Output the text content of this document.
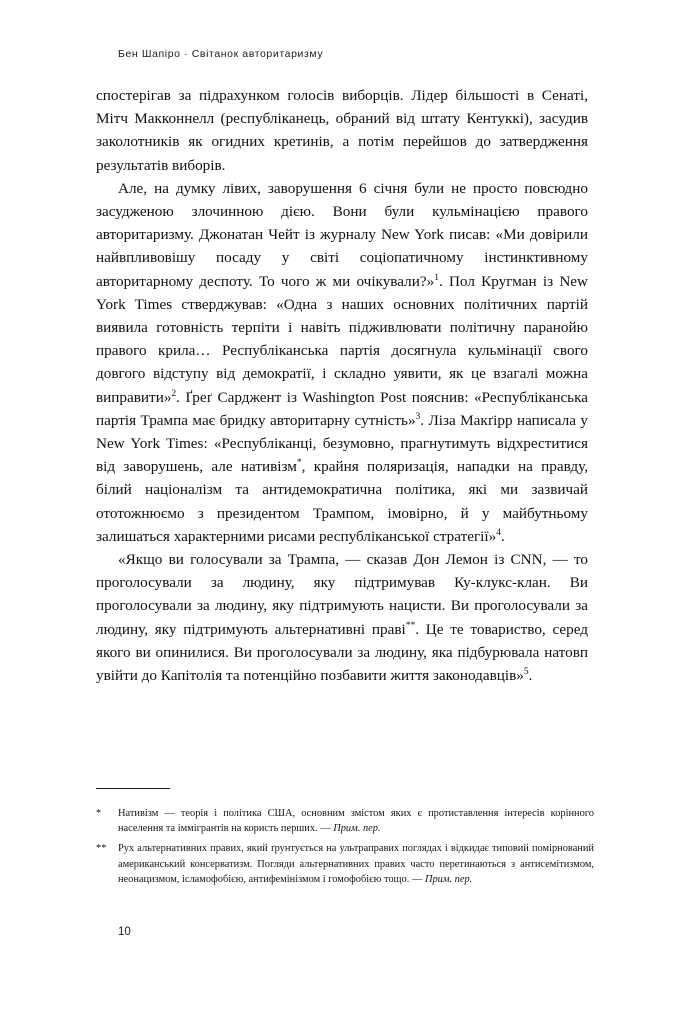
Бен Шапіро · Світанок авторитаризму

спостерігав за підрахунком голосів виборців. Лідер більшості в Сенаті, Мітч Макконнелл (республіканець, обраний від штату Кентуккі), засудив заколотників як огидних кретинів, а потім перейшов до затвердження результатів виборів.

Але, на думку лівих, заворушення 6 січня були не просто повсюдно засудженою злочинною дією. Вони були кульмінацією правого авторитаризму. Джонатан Чейт із журналу New York писав: «Ми довірили найвпливовішу посаду у світі соціопатичному інстинктивному авторитарному деспоту. То чого ж ми очікували?»$^1$. Пол Кругман із New York Times стверджував: «Одна з наших основних політичних партій виявила готовність терпіти і навіть підживлювати політичну паранойю правого крила… Республіканська партія досягнула кульмінації свого довгого відступу від демократії, і складно уявити, як це взагалі можна виправити»$^2$. Ґреґ Сарджент із Washington Post пояснив: «Республіканська партія Трампа має бридку авторитарну сутність»$^3$. Ліза Макґірр написала у New York Times: «Республіканці, безумовно, прагнутимуть відхреститися від заворушень, але нативізм*, крайня поляризація, нападки на правду, білий націоналізм та антидемократична політика, які ми зазвичай ототожнюємо з президентом Трампом, імовірно, й у майбутньому залишаться характерними рисами республіканської стратегії»$^4$.

«Якщо ви голосували за Трампа, — сказав Дон Лемон із CNN, — то проголосували за людину, яку підтримував Ку-клукс-клан. Ви проголосували за людину, яку підтримують нацисти. Ви проголосували за людину, яку підтримують альтернативні праві**. Це те товариство, серед якого ви опинилися. Ви проголосували за людину, яка підбурювала натовп увійти до Капітолія та потенційно позбавити життя законодавців»$^5$.

*	Нативізм — теорія і політика США, основним змістом яких є протиставлення інтересів корінного населення та іммігрантів на користь перших. — Прим. пер.
**	Рух альтернативних правих, який ґрунтується на ультраправих поглядах і відкидає типовий помірнований американський консерватизм. Погляди альтернативних правих часто перетинаються з антисемітизмом, неонацизмом, ісламофобією, антифемінізмом і гомофобією тощо. — Прим. пер.
10
